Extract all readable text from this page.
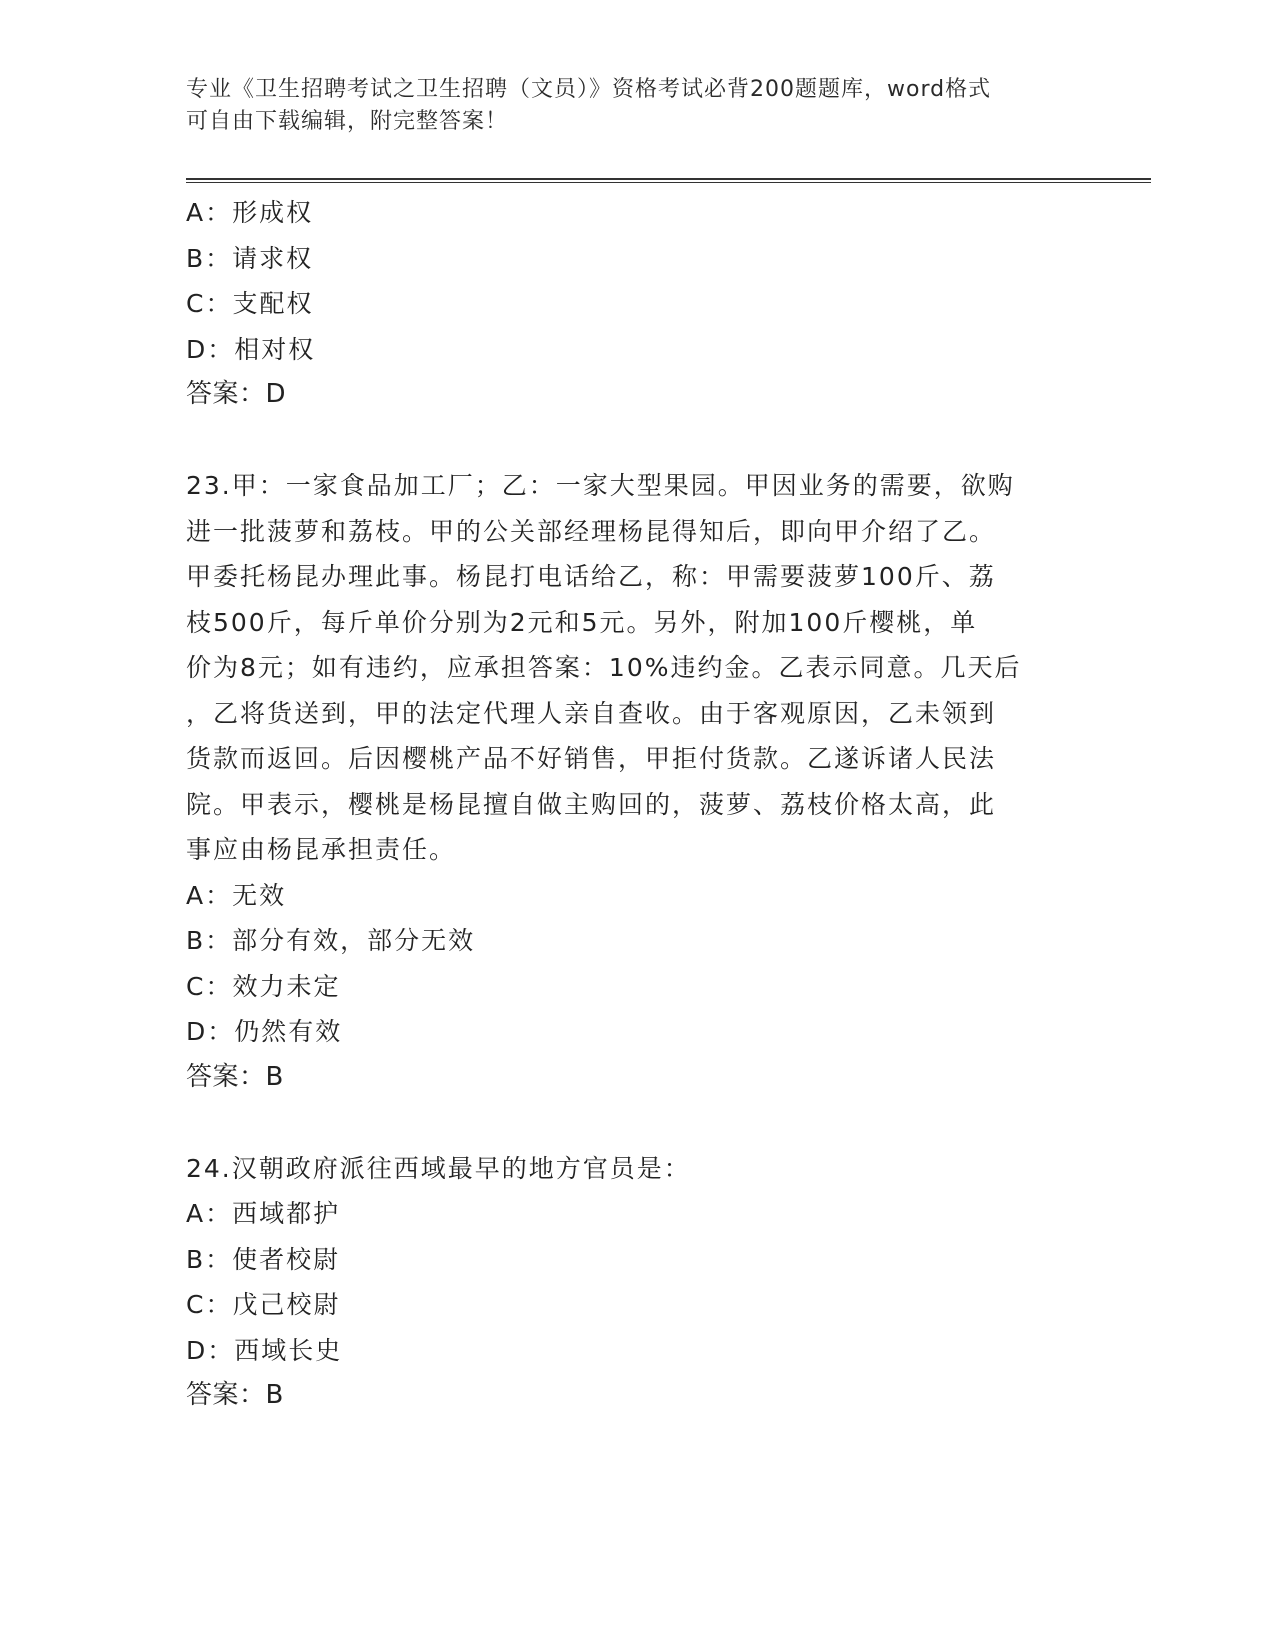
专业《卫生招聘考试之卫生招聘（文员）》资格考试必背200题题库，word格式
可自由下载编辑，附完整答案！
A：形成权
B：请求权
C：支配权
D：相对权
答案：D
23.甲：一家食品加工厂；乙：一家大型果园。甲因业务的需要，欲购
进一批菠萝和荔枝。甲的公关部经理杨昆得知后，即向甲介绍了乙。
甲委托杨昆办理此事。杨昆打电话给乙，称：甲需要菠萝100斤、荔
枝500斤，每斤单价分别为2元和5元。另外，附加100斤樱桃，单
价为8元；如有违约，应承担答案：10%违约金。乙表示同意。几天后
，乙将货送到，甲的法定代理人亲自查收。由于客观原因，乙未领到
货款而返回。后因樱桃产品不好销售，甲拒付货款。乙遂诉诸人民法
院。甲表示，樱桃是杨昆擅自做主购回的，菠萝、荔枝价格太高，此
事应由杨昆承担责任。
A：无效
B：部分有效，部分无效
C：效力未定
D：仍然有效
答案：B
24.汉朝政府派往西域最早的地方官员是：
A：西域都护
B：使者校尉
C：戊己校尉
D：西域长史
答案：B
